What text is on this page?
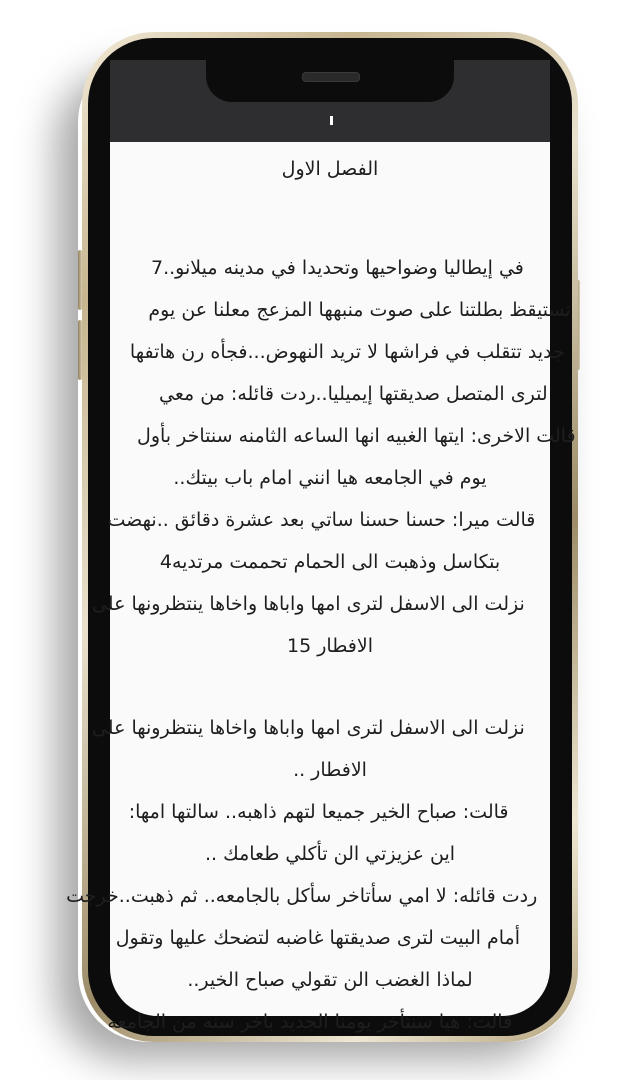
الفصل الاول
في إيطاليا وضواحيها وتحديدا في مدينه ميلانو..7
تستيقظ بطلتنا على صوت منبهها المزعج معلنا عن يوم
جديد تتقلب في فراشها لا تريد النهوض...فجأه رن هاتفها
لترى المتصل صديقتها إيميليا..ردت قائله: من معي
قالت الاخرى: ايتها الغبيه انها الساعه الثامنه سنتاخر بأول
يوم في الجامعه هيا انني امام باب بيتك..
قالت ميرا: حسنا حسنا ساتي بعد عشرة دقائق ..نهضت
بتكاسل وذهبت الى الحمام تحممت مرتديه4
نزلت الى الاسفل لترى امها واباها واخاها ينتظرونها على
الافطار 15
نزلت الى الاسفل لترى امها واباها واخاها ينتظرونها على
الافطار ..
قالت: صباح الخير جميعا لتهم ذاهبه.. سالتها امها:
اين عزيزتي الن تأكلي طعامك ..
ردت قائله: لا امي سأتاخر سأكل بالجامعه.. ثم ذهبت..خرجت
أمام البيت لترى صديقتها غاضبه لتضحك عليها وتقول
لماذا الغضب الن تقولي صباح الخير..
قالت: هيا سنتأخر يومنا الجديد باخر سنه من الجامعه
